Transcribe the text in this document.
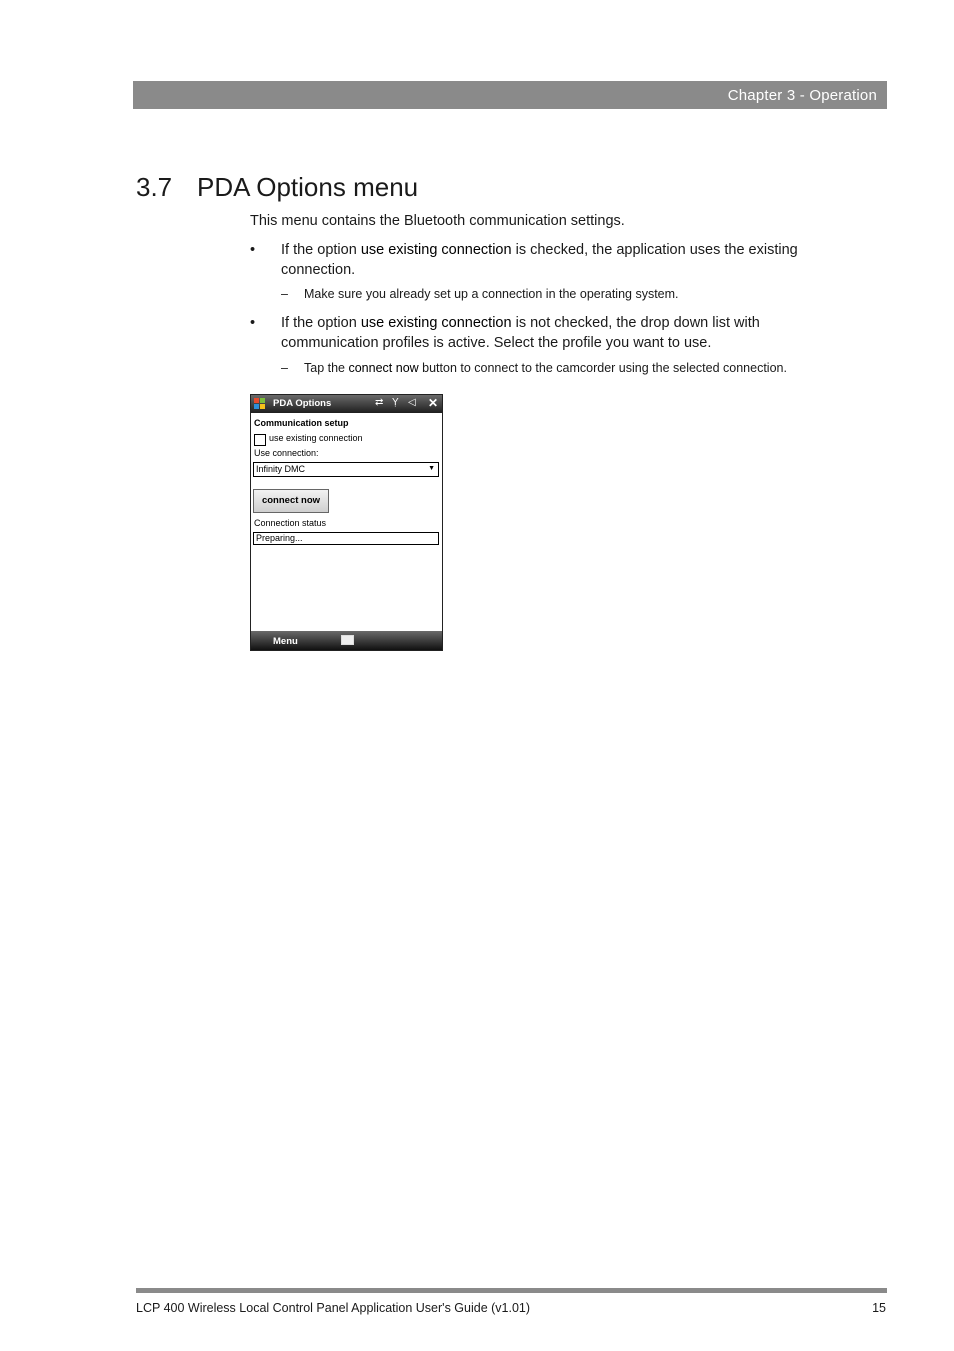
Chapter 3 - Operation
3.7 PDA Options menu
This menu contains the Bluetooth communication settings.
• If the option use existing connection is checked, the application uses the existing connection.
– Make sure you already set up a connection in the operating system.
• If the option use existing connection is not checked, the drop down list with communication profiles is active. Select the profile you want to use.
– Tap the connect now button to connect to the camcorder using the selected connection.
PDA Options	⇄ Ỵ ◁ ✕
Communication setup
use existing connection
Use connection:
Infinity DMC	▼
connect now
Connection status
Preparing...
Menu
LCP 400 Wireless Local Control Panel Application User's Guide (v1.01)	15
